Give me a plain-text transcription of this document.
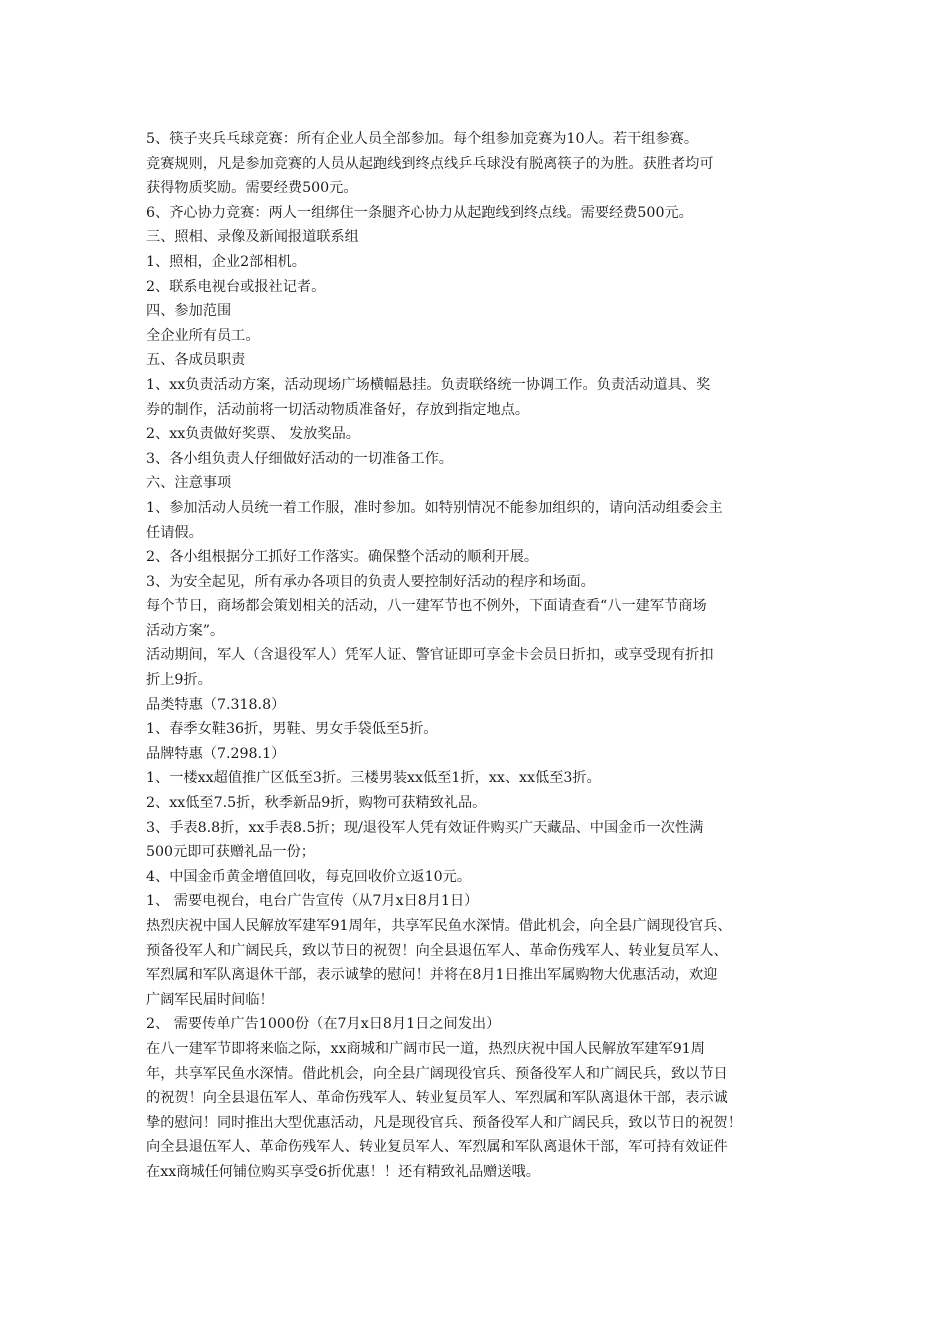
5、筷子夹兵乓球竞赛：所有企业人员全部参加。每个组参加竞赛为10人。若干组参赛。

竞赛规则，凡是参加竞赛的人员从起跑线到终点线乒乓球没有脱离筷子的为胜。获胜者均可

获得物质奖励。需要经费500元。

6、齐心协力竞赛：两人一组绑住一条腿齐心协力从起跑线到终点线。需要经费500元。

三、照相、录像及新闻报道联系组

1、照相，企业2部相机。

2、联系电视台或报社记者。

四、参加范围

全企业所有员工。

五、各成员职责

1、xx负责活动方案，活动现场广场横幅悬挂。负责联络统一协调工作。负责活动道具、奖

券的制作，活动前将一切活动物质准备好，存放到指定地点。

2、xx负责做好奖票、 发放奖品。

3、各小组负责人仔细做好活动的一切准备工作。

六、注意事项

1、参加活动人员统一着工作服，准时参加。如特别情况不能参加组织的，请向活动组委会主

任请假。

2、各小组根据分工抓好工作落实。确保整个活动的顺利开展。

3、为安全起见，所有承办各项目的负责人要控制好活动的程序和场面。

每个节日，商场都会策划相关的活动，八一建军节也不例外，下面请查看“八一建军节商场

活动方案”。

活动期间，军人（含退役军人）凭军人证、警官证即可享金卡会员日折扣，或享受现有折扣

折上9折。

品类特惠（7.318.8）

1、春季女鞋36折，男鞋、男女手袋低至5折。

品牌特惠（7.298.1）

1、一楼xx超值推广区低至3折。三楼男装xx低至1折，xx、xx低至3折。

2、xx低至7.5折，秋季新品9折，购物可获精致礼品。

3、手表8.8折，xx手表8.5折；现/退役军人凭有效证件购买广天藏品、中国金币一次性满

500元即可获赠礼品一份；

4、中国金币黄金增值回收，每克回收价立返10元。

1、 需要电视台，电台广告宣传（从7月x日8月1日）

热烈庆祝中国人民解放军建军91周年，共享军民鱼水深情。借此机会，向全县广阔现役官兵、

预备役军人和广阔民兵，致以节日的祝贺！向全县退伍军人、革命伤残军人、转业复员军人、

军烈属和军队离退休干部，表示诚挚的慰问！并将在8月1日推出军属购物大优惠活动，欢迎

广阔军民届时间临！

2、 需要传单广告1000份（在7月x日8月1日之间发出）

在八一建军节即将来临之际，xx商城和广阔市民一道，热烈庆祝中国人民解放军建军91周

年，共享军民鱼水深情。借此机会，向全县广阔现役官兵、预备役军人和广阔民兵，致以节日

的祝贺！向全县退伍军人、革命伤残军人、转业复员军人、军烈属和军队离退休干部，表示诚

挚的慰问！同时推出大型优惠活动，凡是现役官兵、预备役军人和广阔民兵，致以节日的祝贺！

向全县退伍军人、革命伤残军人、转业复员军人、军烈属和军队离退休干部，军可持有效证件

在xx商城任何铺位购买享受6折优惠！！还有精致礼品赠送哦。
